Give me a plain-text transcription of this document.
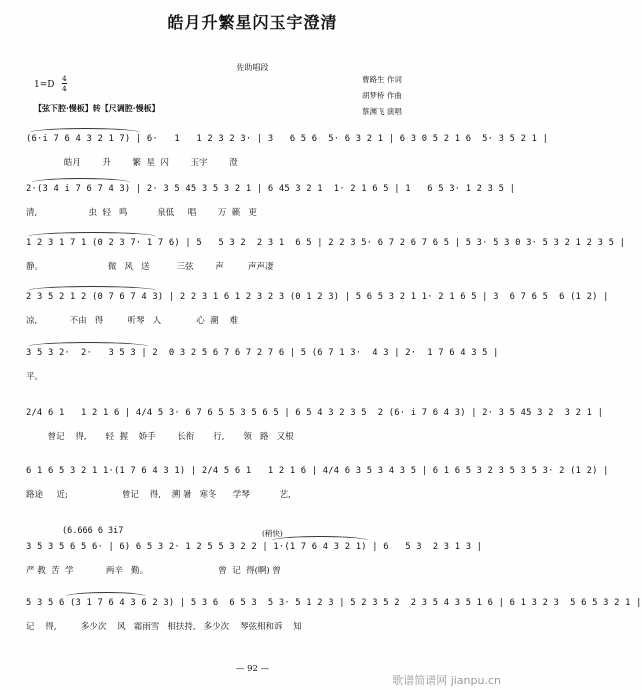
皓月升繁星闪玉宇澄清
佐助唱段
曹路生 作词
胡梦桥 作曲
蔡渊飞 演唱
1=D
4
4
【弦下腔·慢板】转【尺调腔·慢板】
(6·i 7 6 4 3 2 1 7) | 6·   1   1 2 3 2 3· | 3   6 5 6  5· 6 3 2 1 | 6 3 0 5 2 1 6  5· 3 5 2 1 |
皓月        升        繁  星  闪        玉宇        澄
2·(3 4 i 7 6 7 4 3) | 2· 3 5 45 3 5 3 2 1 | 6 45 3 2 1  1· 2 1 6 5 | 1   6 5 3· 1 2 3 5 |
清,                   虫  轻   鸣           泉低     唱        万  籁   更
1 2 3 1 7 1 (0 2 3 7· 1 7 6) | 5   5 3 2  2 3 1  6 5 | 2 2 3 5· 6 7 2 6 7 6 5 | 5 3· 5 3 0 3· 5 3 2 1 2 3 5 |
静。                        微   风   送          三弦        声         声声凄
2 3 5 2 1 2 (0 7 6 7 4 3) | 2 2 3 1 6 1 2 3 2 3 (0 1 2 3) | 5 6 5 3 2 1 1· 2 1 6 5 | 3  6 7 6 5  6 (1 2) |
凉,            不由   得         听琴   人             心  潮    难
3 5 3 2·  2·   3 5 3 | 2  0 3 2 5 6 7 6 7 2 7 6 | 5 (6 7 1 3·  4 3 | 2·  1 7 6 4 3 5 |
平。
2/4 6 1   1 2 1 6 | 4/4 5 3· 6 7 6 5 5 3 5 6 5 | 6 5 4 3 2 3 5  2 (6· i 7 6 4 3) | 2· 3 5 45 3 2  3 2 1 |
曾记    得,       轻  握    娇手        长衔       行,       领   路   又根
6 1 6 5 3 2 1 1·(1 7 6 4 3 1) | 2/4 5 6 1   1 2 1 6 | 4/4 6 3 5 3 4 3 5 | 6 1 6 5 3 2 3 5 3 5 3· 2 (1 2) |
路途     近;                    曾记    得,    溯 暑   寒冬      学琴           艺,
(6.666 6 3i7	(稍快)
3 5 3 5 6 5 6· | 6) 6 5 3 2· 1 2 5 5 3 2 2 | 1·(1 7 6 4 3 2 1) | 6   5 3  2 3 1 3 |
严 教  苦  学            两辛   勤。                          曾  记  得(啊) 曾
5 3 5 6 (3 1 7 6 4 3 6 2 3) | 5 3 6  6 5 3  5 3· 5 1 2 3 | 5 2 3 5 2  2 3 5 4 3 5 1 6 | 6 1 3 2 3  5 6 5 3 2 1 |
记    得,         多少次    风   霜雨雪   相扶持,   多少次    琴弦相和诉    知
— 92 —
歌谱简谱网 jianpu.cn
